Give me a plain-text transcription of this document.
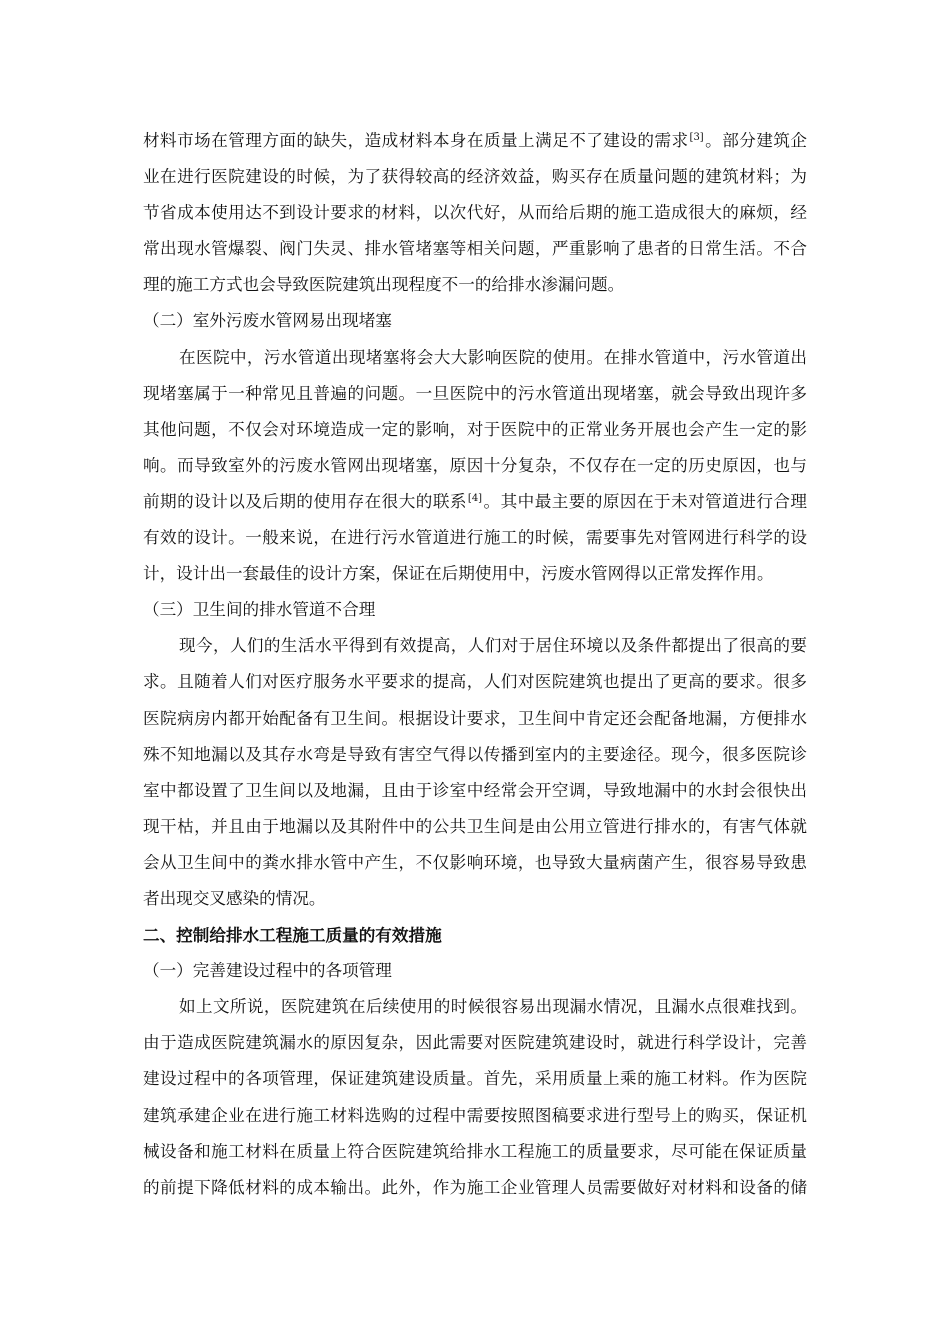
材料市场在管理方面的缺失，造成材料本身在质量上满足不了建设的需求[3]。部分建筑企
业在进行医院建设的时候，为了获得较高的经济效益，购买存在质量问题的建筑材料；为
节省成本使用达不到设计要求的材料，以次代好，从而给后期的施工造成很大的麻烦，经
常出现水管爆裂、阀门失灵、排水管堵塞等相关问题，严重影响了患者的日常生活。不合
理的施工方式也会导致医院建筑出现程度不一的给排水渗漏问题。
（二）室外污废水管网易出现堵塞
在医院中，污水管道出现堵塞将会大大影响医院的使用。在排水管道中，污水管道出
现堵塞属于一种常见且普遍的问题。一旦医院中的污水管道出现堵塞，就会导致出现许多
其他问题，不仅会对环境造成一定的影响，对于医院中的正常业务开展也会产生一定的影
响。而导致室外的污废水管网出现堵塞，原因十分复杂，不仅存在一定的历史原因，也与
前期的设计以及后期的使用存在很大的联系[4]。其中最主要的原因在于未对管道进行合理
有效的设计。一般来说，在进行污水管道进行施工的时候，需要事先对管网进行科学的设
计，设计出一套最佳的设计方案，保证在后期使用中，污废水管网得以正常发挥作用。
（三）卫生间的排水管道不合理
现今，人们的生活水平得到有效提高，人们对于居住环境以及条件都提出了很高的要
求。且随着人们对医疗服务水平要求的提高，人们对医院建筑也提出了更高的要求。很多
医院病房内都开始配备有卫生间。根据设计要求，卫生间中肯定还会配备地漏，方便排水
殊不知地漏以及其存水弯是导致有害空气得以传播到室内的主要途径。现今，很多医院诊
室中都设置了卫生间以及地漏，且由于诊室中经常会开空调，导致地漏中的水封会很快出
现干枯，并且由于地漏以及其附件中的公共卫生间是由公用立管进行排水的，有害气体就
会从卫生间中的粪水排水管中产生，不仅影响环境，也导致大量病菌产生，很容易导致患
者出现交叉感染的情况。
二、控制给排水工程施工质量的有效措施
（一）完善建设过程中的各项管理
如上文所说，医院建筑在后续使用的时候很容易出现漏水情况，且漏水点很难找到。
由于造成医院建筑漏水的原因复杂，因此需要对医院建筑建设时，就进行科学设计，完善
建设过程中的各项管理，保证建筑建设质量。首先，采用质量上乘的施工材料。作为医院
建筑承建企业在进行施工材料选购的过程中需要按照图稿要求进行型号上的购买，保证机
械设备和施工材料在质量上符合医院建筑给排水工程施工的质量要求，尽可能在保证质量
的前提下降低材料的成本输出。此外，作为施工企业管理人员需要做好对材料和设备的储
